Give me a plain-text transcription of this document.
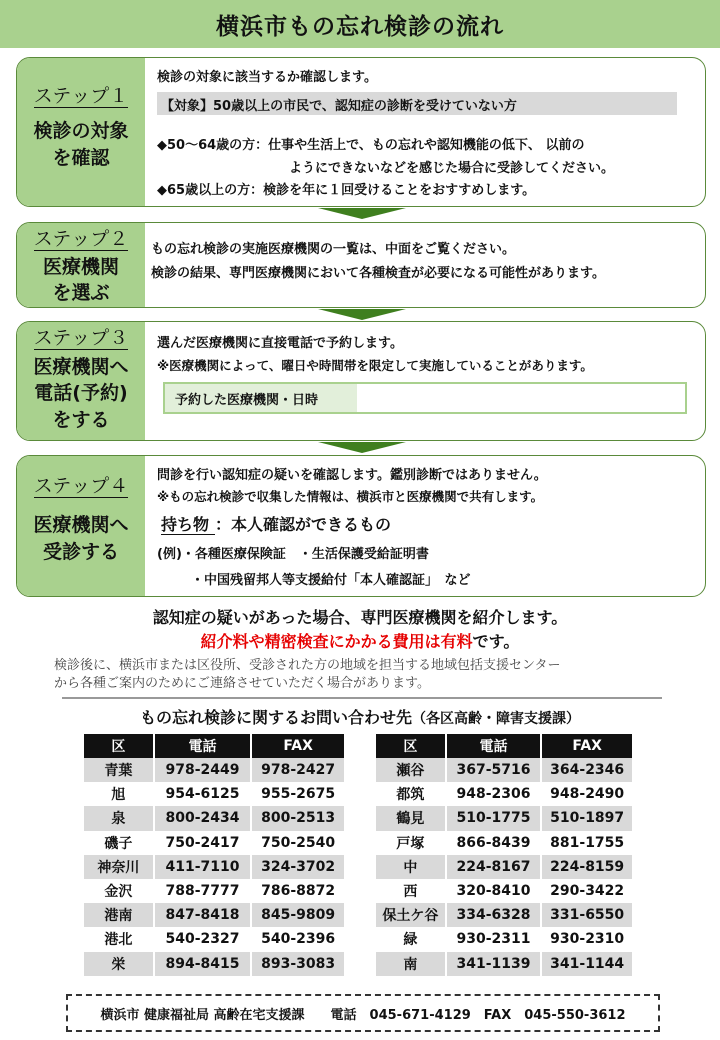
横浜市もの忘れ検診の流れ
ステップ１
検診の対象
を確認
検診の対象に該当するか確認します。
【対象】50歳以上の市民で、認知症の診断を受けていない方
◆50～64歳の方：仕事や生活上で、もの忘れや認知機能の低下、 以前の
ようにできないなどを感じた場合に受診してください。
◆65歳以上の方：検診を年に１回受けることをおすすめします。
ステップ２
医療機関
を選ぶ
もの忘れ検診の実施医療機関の一覧は、中面をご覧ください。
検診の結果、専門医療機関において各種検査が必要になる可能性があります。
ステップ３
医療機関へ
電話(予約)
をする
選んだ医療機関に直接電話で予約します。
※医療機関によって、曜日や時間帯を限定して実施していることがあります。
予約した医療機関・日時
ステップ４
医療機関へ
受診する
問診を行い認知症の疑いを確認します。鑑別診断ではありません。
※もの忘れ検診で収集した情報は、横浜市と医療機関で共有します。
持ち物 ：本人確認ができるもの
(例)・各種医療保険証　・生活保護受給証明書
・中国残留邦人等支援給付「本人確認証」　など
認知症の疑いがあった場合、専門医療機関を紹介します。
紹介料や精密検査にかかる費用は有料です。
検診後に、横浜市または区役所、受診された方の地域を担当する地域包括支援センター
から各種ご案内のためにご連絡させていただく場合があります。
もの忘れ検診に関するお問い合わせ先（各区高齢・障害支援課）
区	電話	FAX
青葉	978-2449	978-2427
旭	954-6125	955-2675
泉	800-2434	800-2513
磯子	750-2417	750-2540
神奈川	411-7110	324-3702
金沢	788-7777	786-8872
港南	847-8418	845-9809
港北	540-2327	540-2396
栄	894-8415	893-3083
区	電話	FAX
瀬谷	367-5716	364-2346
都筑	948-2306	948-2490
鶴見	510-1775	510-1897
戸塚	866-8439	881-1755
中	224-8167	224-8159
西	320-8410	290-3422
保土ケ谷	334-6328	331-6550
緑	930-2311	930-2310
南	341-1139	341-1144
横浜市 健康福祉局 高齢在宅支援課　　電話　045-671-4129　FAX　045-550-3612
